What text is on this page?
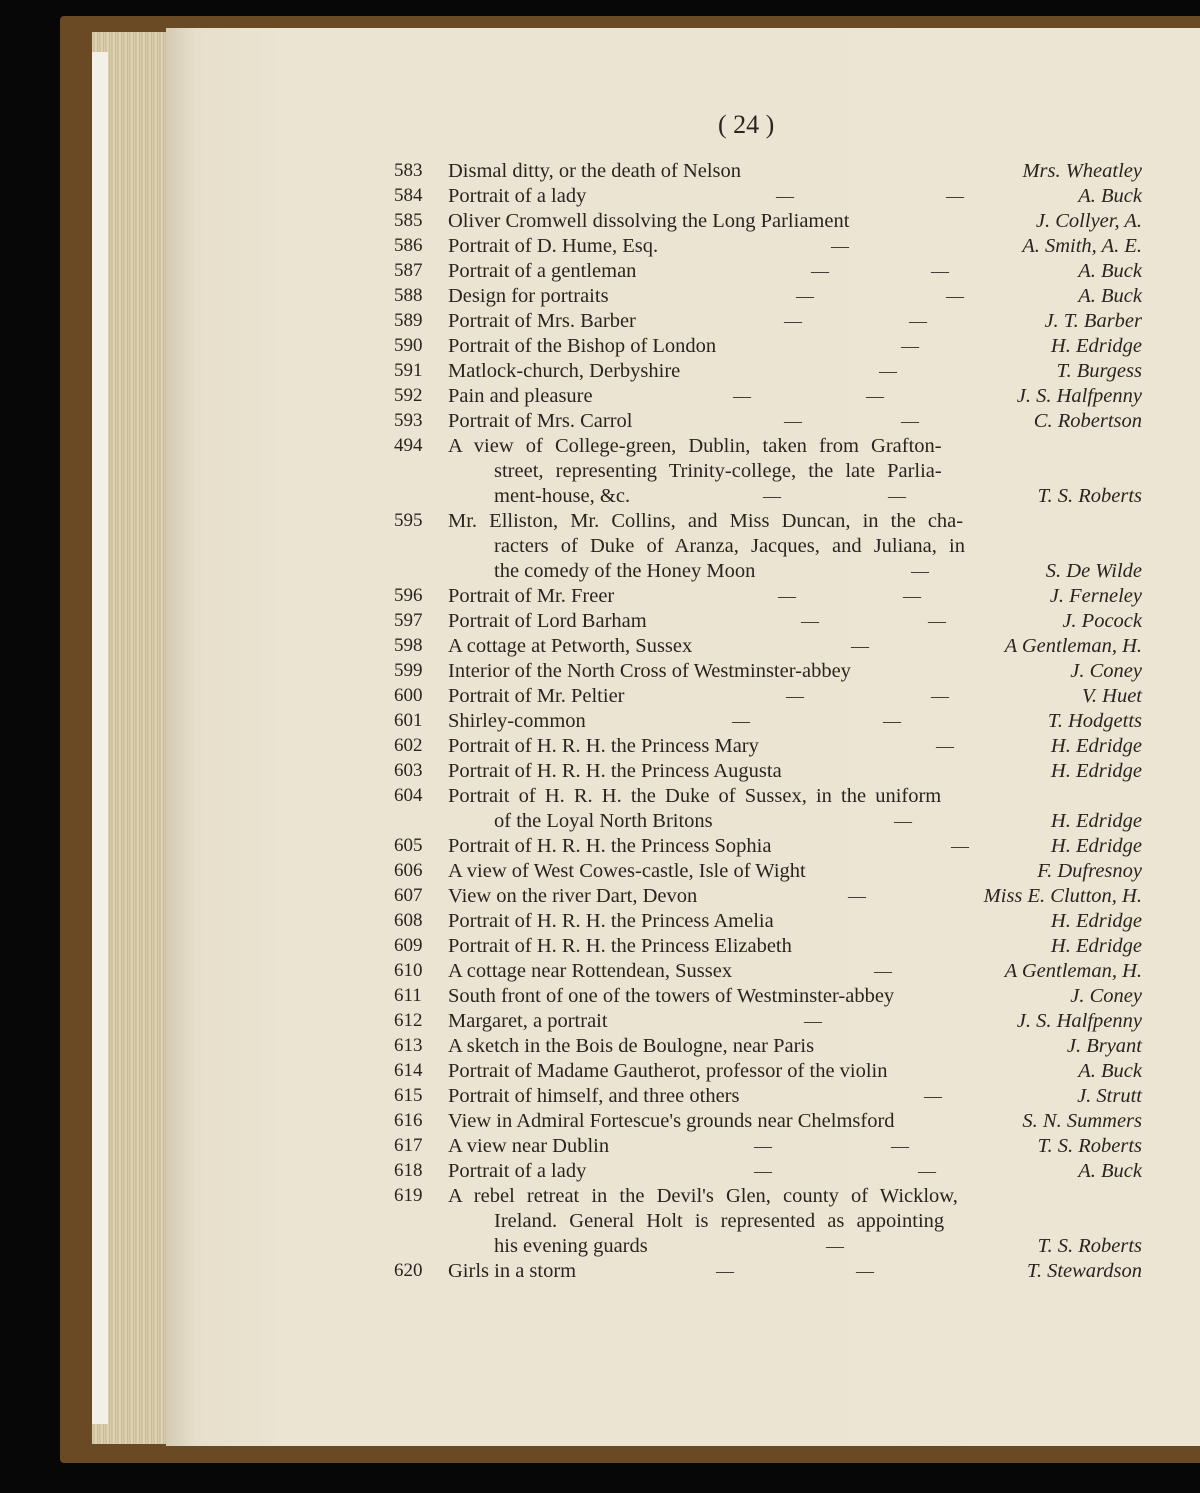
( 24 )
583 Dismal ditty, or the death of Nelson	Mrs. Wheatley
584 Portrait of a lady	—	—	A. Buck
585 Oliver Cromwell dissolving the Long Parliament	J. Collyer, A.
586 Portrait of D. Hume, Esq.	—	A. Smith, A. E.
587 Portrait of a gentleman	—	—	A. Buck
588 Design for portraits	—	—	A. Buck
589 Portrait of Mrs. Barber	—	—	J. T. Barber
590 Portrait of the Bishop of London	—	H. Edridge
591 Matlock-church, Derbyshire	—	T. Burgess
592 Pain and pleasure	—	—	J. S. Halfpenny
593 Portrait of Mrs. Carrol	—	—	C. Robertson
494 A view of College-green, Dublin, taken from Grafton-
street, representing Trinity-college, the late Parlia-
ment-house, &c.	—	—	T. S. Roberts
595 Mr. Elliston, Mr. Collins, and Miss Duncan, in the cha-
racters of Duke of Aranza, Jacques, and Juliana, in
the comedy of the Honey Moon	—	S. De Wilde
596 Portrait of Mr. Freer	—	—	J. Ferneley
597 Portrait of Lord Barham	—	—	J. Pocock
598 A cottage at Petworth, Sussex	—	A Gentleman, H.
599 Interior of the North Cross of Westminster-abbey	J. Coney
600 Portrait of Mr. Peltier	—	—	V. Huet
601 Shirley-common	—	—	T. Hodgetts
602 Portrait of H. R. H. the Princess Mary	—	H. Edridge
603 Portrait of H. R. H. the Princess Augusta	H. Edridge
604 Portrait of H. R. H. the Duke of Sussex, in the uniform
of the Loyal North Britons	—	H. Edridge
605 Portrait of H. R. H. the Princess Sophia	—	H. Edridge
606 A view of West Cowes-castle, Isle of Wight	F. Dufresnoy
607 View on the river Dart, Devon	—	Miss E. Clutton, H.
608 Portrait of H. R. H. the Princess Amelia	H. Edridge
609 Portrait of H. R. H. the Princess Elizabeth	H. Edridge
610 A cottage near Rottendean, Sussex	—	A Gentleman, H.
611 South front of one of the towers of Westminster-abbey	J. Coney
612 Margaret, a portrait	—	J. S. Halfpenny
613 A sketch in the Bois de Boulogne, near Paris	J. Bryant
614 Portrait of Madame Gautherot, professor of the violin	A. Buck
615 Portrait of himself, and three others	—	J. Strutt
616 View in Admiral Fortescue's grounds near Chelmsford	S. N. Summers
617 A view near Dublin	—	—	T. S. Roberts
618 Portrait of a lady	—	—	A. Buck
619 A rebel retreat in the Devil's Glen, county of Wicklow,
Ireland. General Holt is represented as appointing
his evening guards	—	T. S. Roberts
620 Girls in a storm	—	—	T. Stewardson
